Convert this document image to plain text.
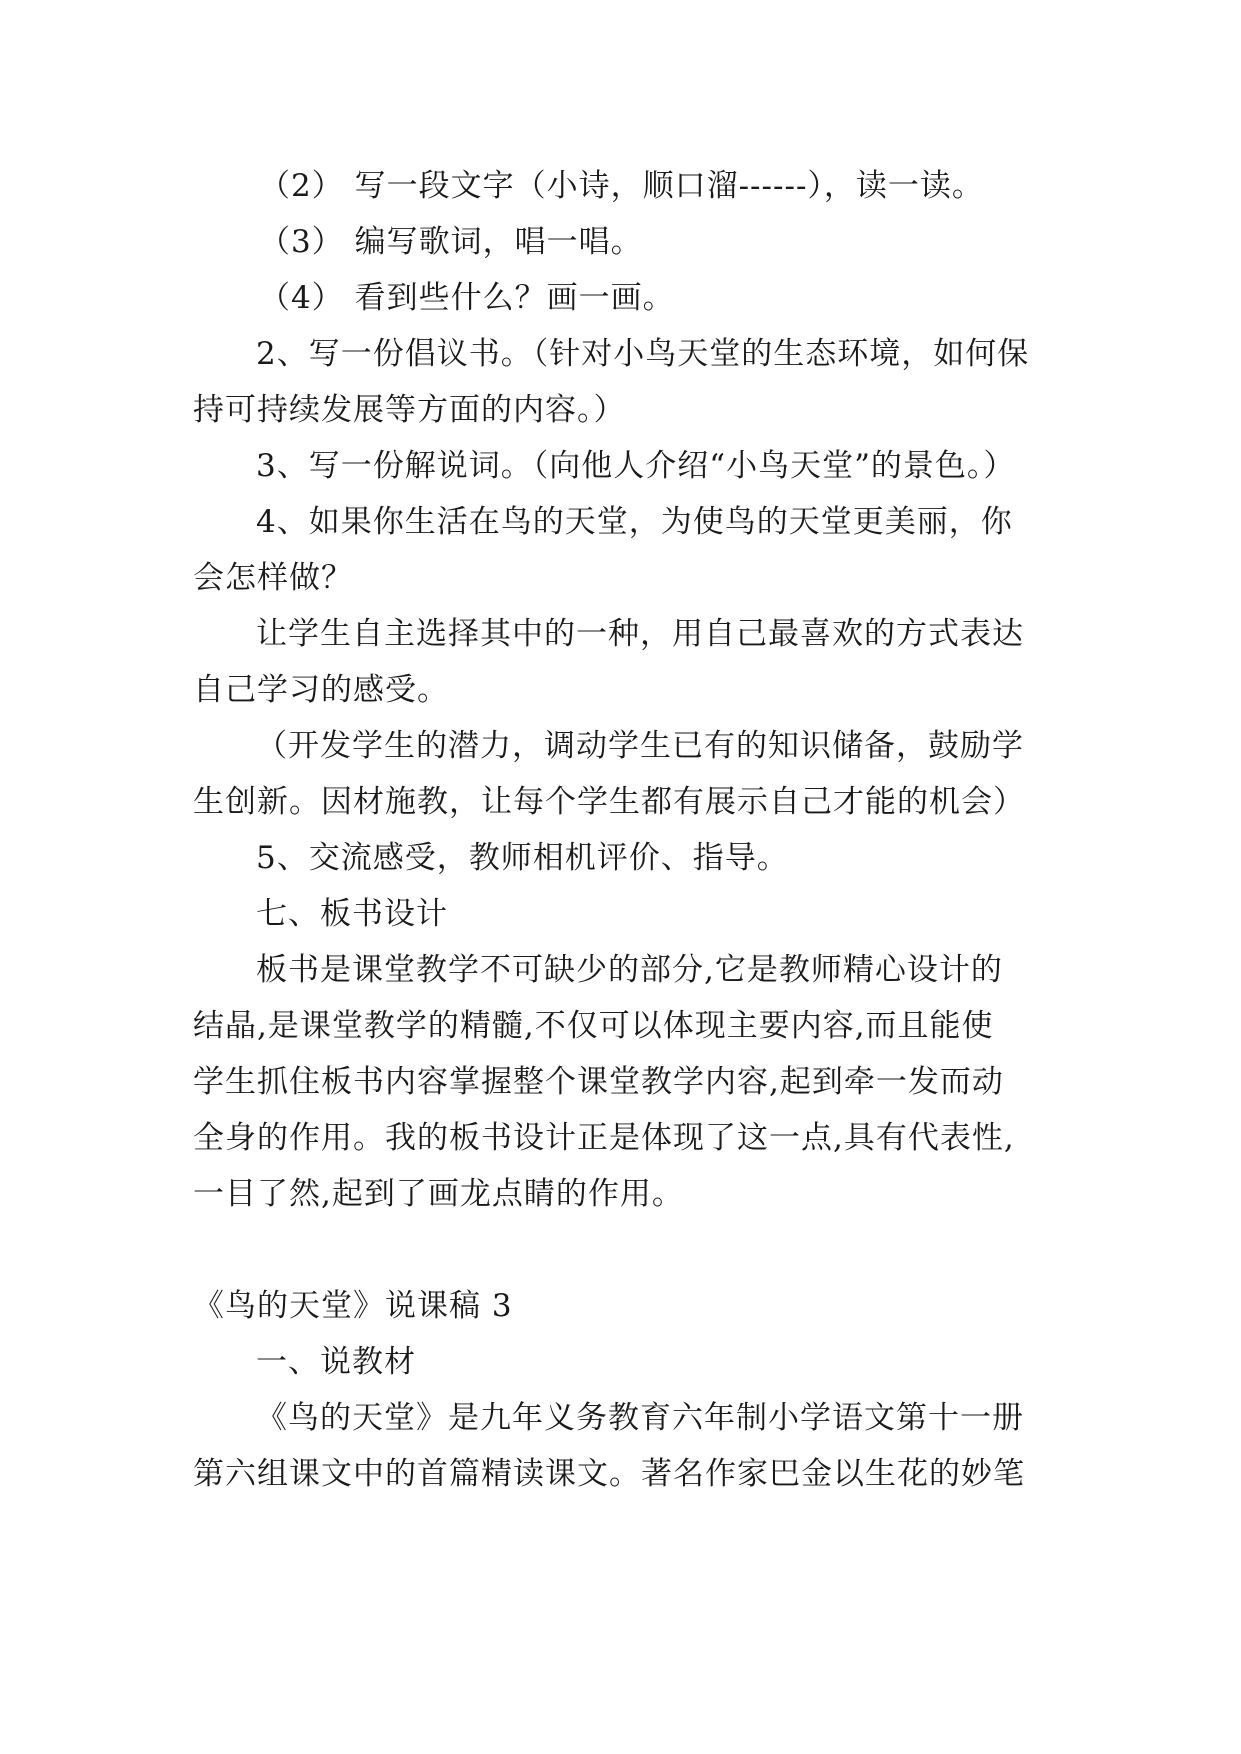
（2） 写一段文字（小诗，顺口溜------），读一读。
（3） 编写歌词，唱一唱。
（4） 看到些什么？画一画。
2、写一份倡议书。（针对小鸟天堂的生态环境，如何保
持可持续发展等方面的内容。）
3、写一份解说词。（向他人介绍“小鸟天堂”的景色。）
4、如果你生活在鸟的天堂，为使鸟的天堂更美丽，你
会怎样做？
让学生自主选择其中的一种，用自己最喜欢的方式表达
自己学习的感受。
（开发学生的潜力，调动学生已有的知识储备，鼓励学
生创新。因材施教，让每个学生都有展示自己才能的机会）
5、交流感受，教师相机评价、指导。
七、板书设计
板书是课堂教学不可缺少的部分,它是教师精心设计的
结晶,是课堂教学的精髓,不仅可以体现主要内容,而且能使
学生抓住板书内容掌握整个课堂教学内容,起到牵一发而动
全身的作用。我的板书设计正是体现了这一点,具有代表性,
一目了然,起到了画龙点睛的作用。
《鸟的天堂》说课稿 3
一、说教材
《鸟的天堂》是九年义务教育六年制小学语文第十一册
第六组课文中的首篇精读课文。著名作家巴金以生花的妙笔
